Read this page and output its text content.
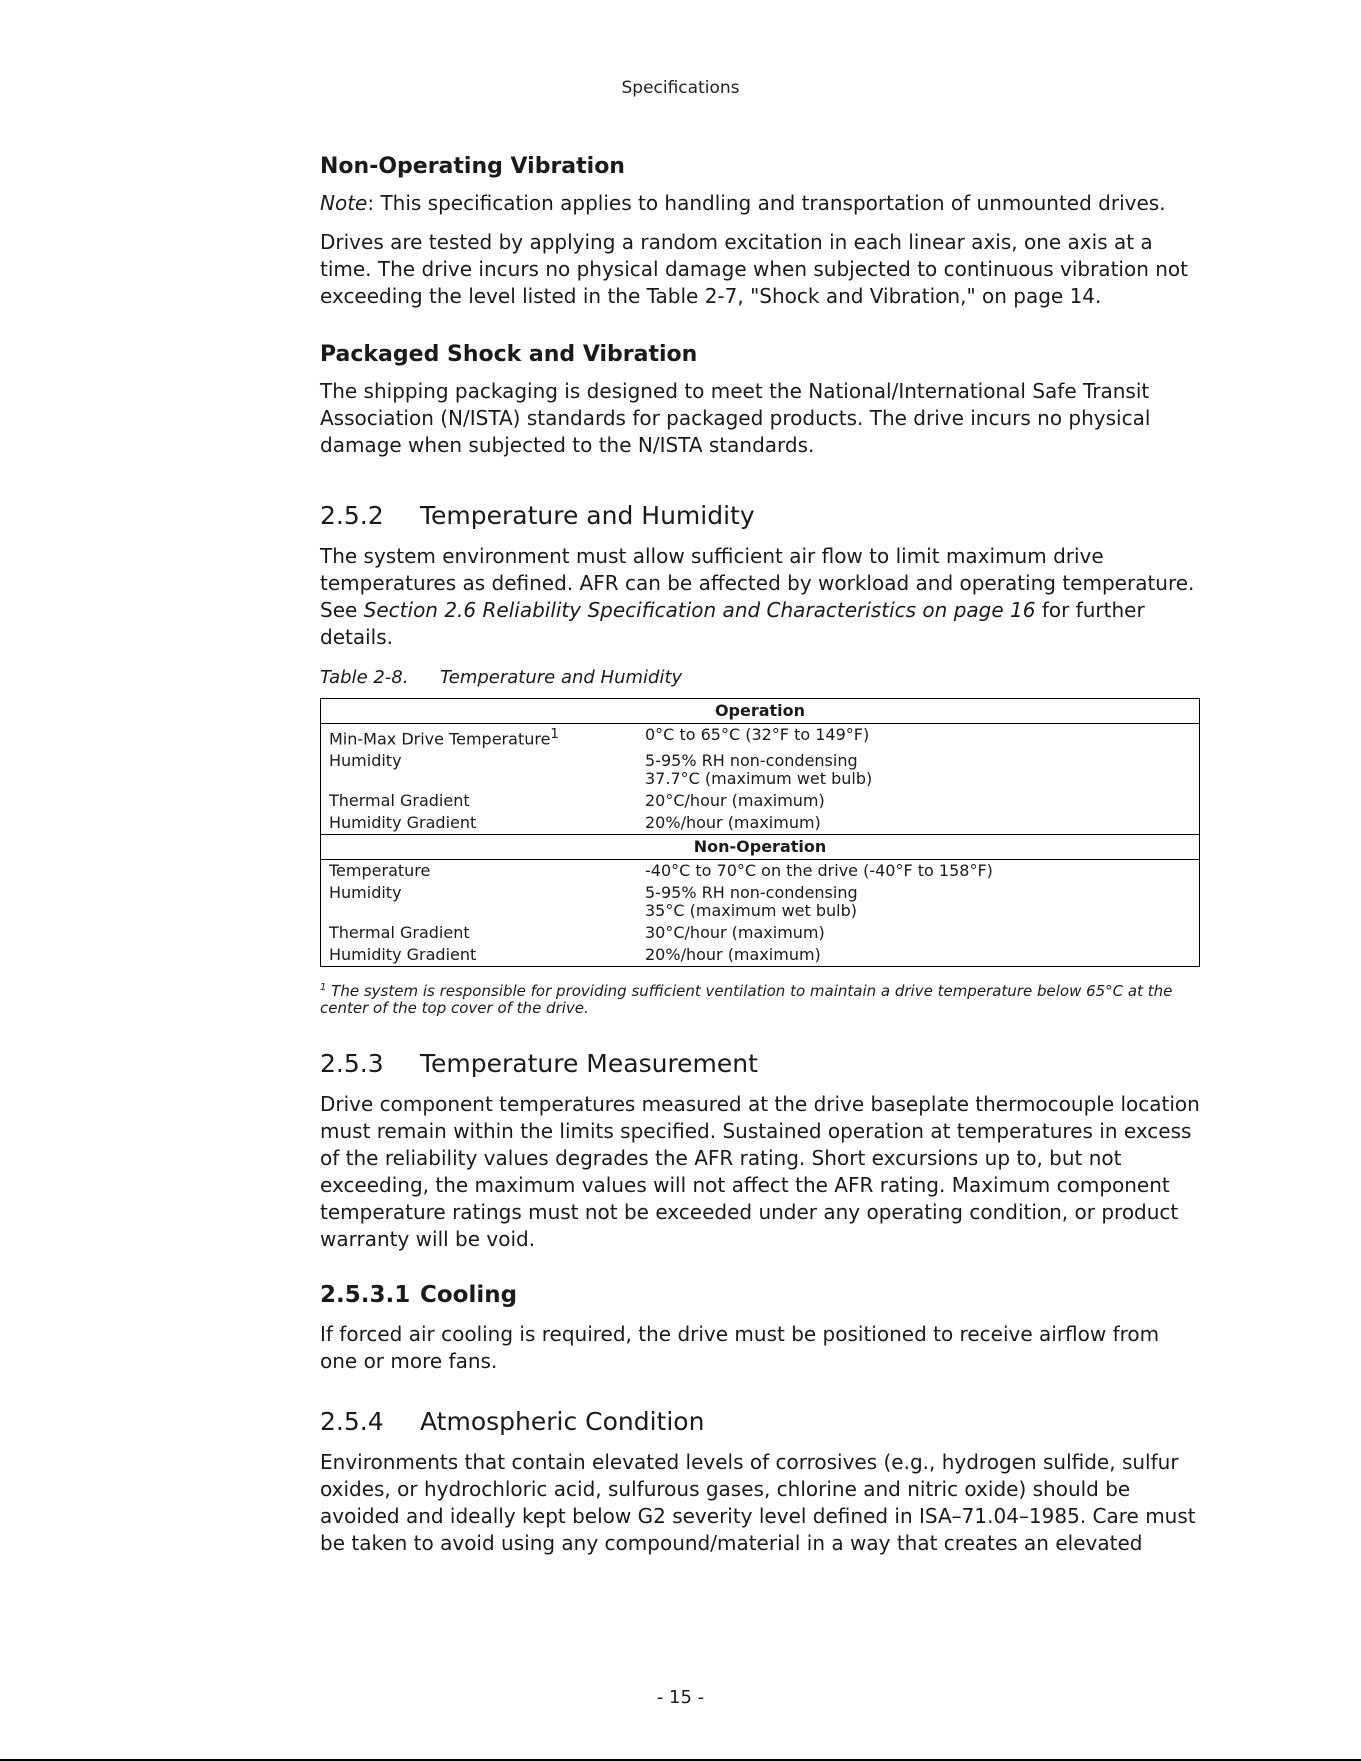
Specifications
Non-Operating Vibration

Note: This specification applies to handling and transportation of unmounted drives.

Drives are tested by applying a random excitation in each linear axis, one axis at a time. The drive incurs no physical damage when subjected to continuous vibration not exceeding the level listed in the Table 2-7, "Shock and Vibration," on page 14.

Packaged Shock and Vibration

The shipping packaging is designed to meet the National/International Safe Transit Association (N/ISTA) standards for packaged products. The drive incurs no physical damage when subjected to the N/ISTA standards.

2.5.2	Temperature and Humidity

The system environment must allow sufficient air flow to limit maximum drive temperatures as defined. AFR can be affected by workload and operating temperature. See Section 2.6 Reliability Specification and Characteristics on page 16 for further details.

Table 2-8.	Temperature and Humidity
Operation	
Min-Max Drive Temperature$^1$	0°C to 65°C (32°F to 149°F)
Humidity	5-95% RH non-condensing
37.7°C (maximum wet bulb)

Thermal Gradient	20°C/hour (maximum)
Humidity Gradient	20%/hour (maximum)
Non-Operation	
Temperature	-40°C to 70°C on the drive (-40°F to 158°F)
Humidity	5-95% RH non-condensing
35°C (maximum wet bulb)

Thermal Gradient	30°C/hour (maximum)
Humidity Gradient	20%/hour (maximum)
$^1$ The system is responsible for providing sufficient ventilation to maintain a drive temperature below 65°C at the center of the top cover of the drive.
2.5.3	Temperature Measurement

Drive component temperatures measured at the drive baseplate thermocouple location must remain within the limits specified. Sustained operation at temperatures in excess of the reliability values degrades the AFR rating. Short excursions up to, but not exceeding, the maximum values will not affect the AFR rating. Maximum component temperature ratings must not be exceeded under any operating condition, or product warranty will be void.

2.5.3.1 Cooling

If forced air cooling is required, the drive must be positioned to receive airflow from one or more fans.

2.5.4	Atmospheric Condition

Environments that contain elevated levels of corrosives (e.g., hydrogen sulfide, sulfur oxides, or hydrochloric acid, sulfurous gases, chlorine and nitric oxide) should be avoided and ideally kept below G2 severity level defined in ISA–71.04–1985. Care must be taken to avoid using any compound/material in a way that creates an elevated

- 15 -
